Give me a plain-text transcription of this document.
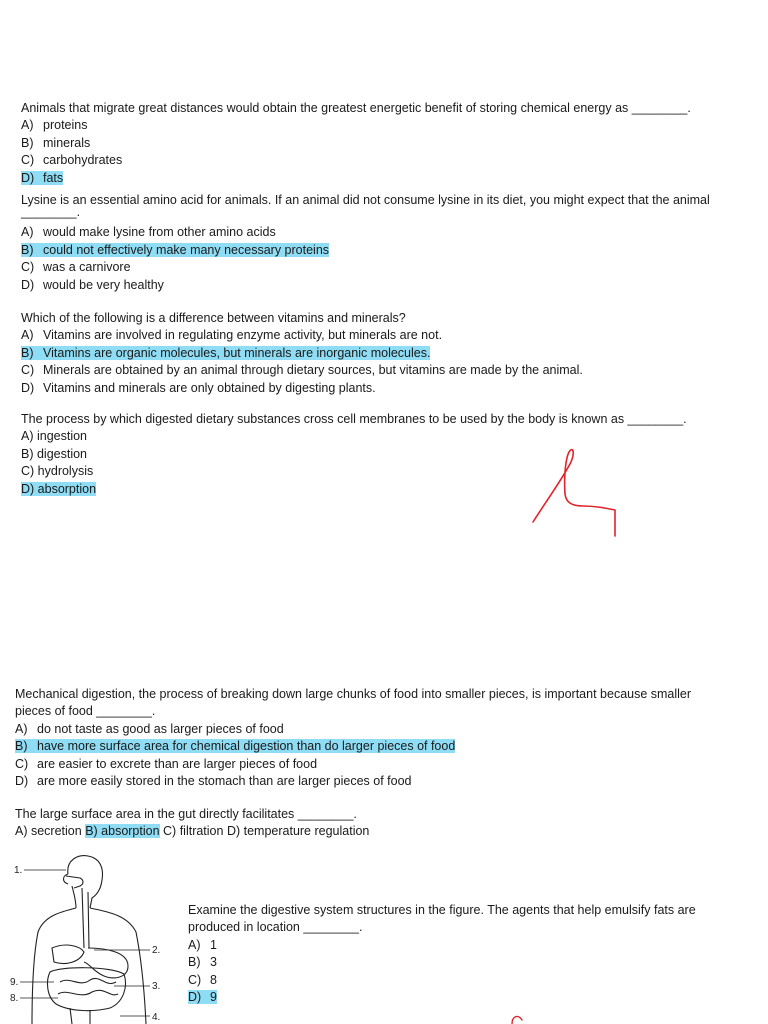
Animals that migrate great distances would obtain the greatest energetic benefit of storing chemical energy as ________.
A) proteins
B) minerals
C) carbohydrates
D) fats
Lysine is an essential amino acid for animals. If an animal did not consume lysine in its diet, you might expect that the animal
________.
A) would make lysine from other amino acids
B) could not effectively make many necessary proteins
C) was a carnivore
D) would be very healthy
Which of the following is a difference between vitamins and minerals?
A) Vitamins are involved in regulating enzyme activity, but minerals are not.
B) Vitamins are organic molecules, but minerals are inorganic molecules.
C) Minerals are obtained by an animal through dietary sources, but vitamins are made by the animal.
D) Vitamins and minerals are only obtained by digesting plants.
The process by which digested dietary substances cross cell membranes to be used by the body is known as ________.
A) ingestion
B) digestion
C) hydrolysis
D) absorption
Mechanical digestion, the process of breaking down large chunks of food into smaller pieces, is important because smaller
pieces of food ________.
A) do not taste as good as larger pieces of food
B) have more surface area for chemical digestion than do larger pieces of food
C) are easier to excrete than are larger pieces of food
D) are more easily stored in the stomach than are larger pieces of food
The large surface area in the gut directly facilitates ________.
A) secretion B) absorption C) filtration D) temperature regulation
1.
2.
3.
4.
8.
9.
Examine the digestive system structures in the figure. The agents that help emulsify fats are
produced in location ________.
A) 1
B) 3
C) 8
D) 9
